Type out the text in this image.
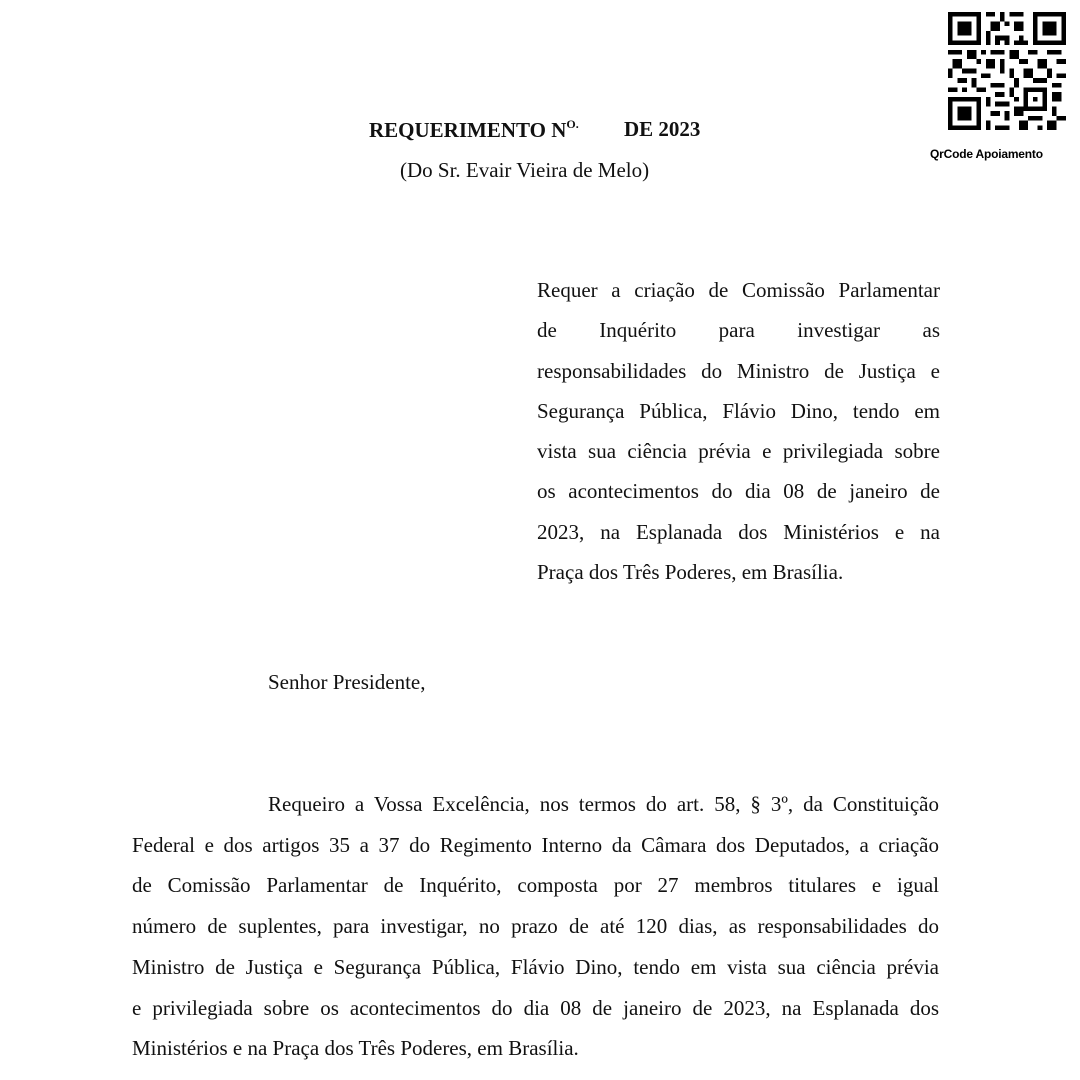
QrCode Apoiamento
REQUERIMENTO $N^{O.}$ DE 2023
(Do Sr. Evair Vieira de Melo)
Requer a criação de Comissão Parlamentar
de Inquérito para investigar as
responsabilidades do Ministro de Justiça e
Segurança Pública, Flávio Dino, tendo em
vista sua ciência prévia e privilegiada sobre
os acontecimentos do dia 08 de janeiro de
2023, na Esplanada dos Ministérios e na
Praça dos Três Poderes, em Brasília.
Senhor Presidente,
Requeiro a Vossa Excelência, nos termos do art. 58, § 3º, da Constituição
Federal e dos artigos 35 a 37 do Regimento Interno da Câmara dos Deputados, a criação
de Comissão Parlamentar de Inquérito, composta por 27 membros titulares e igual
número de suplentes, para investigar, no prazo de até 120 dias, as responsabilidades do
Ministro de Justiça e Segurança Pública, Flávio Dino, tendo em vista sua ciência prévia
e privilegiada sobre os acontecimentos do dia 08 de janeiro de 2023, na Esplanada dos
Ministérios e na Praça dos Três Poderes, em Brasília.
